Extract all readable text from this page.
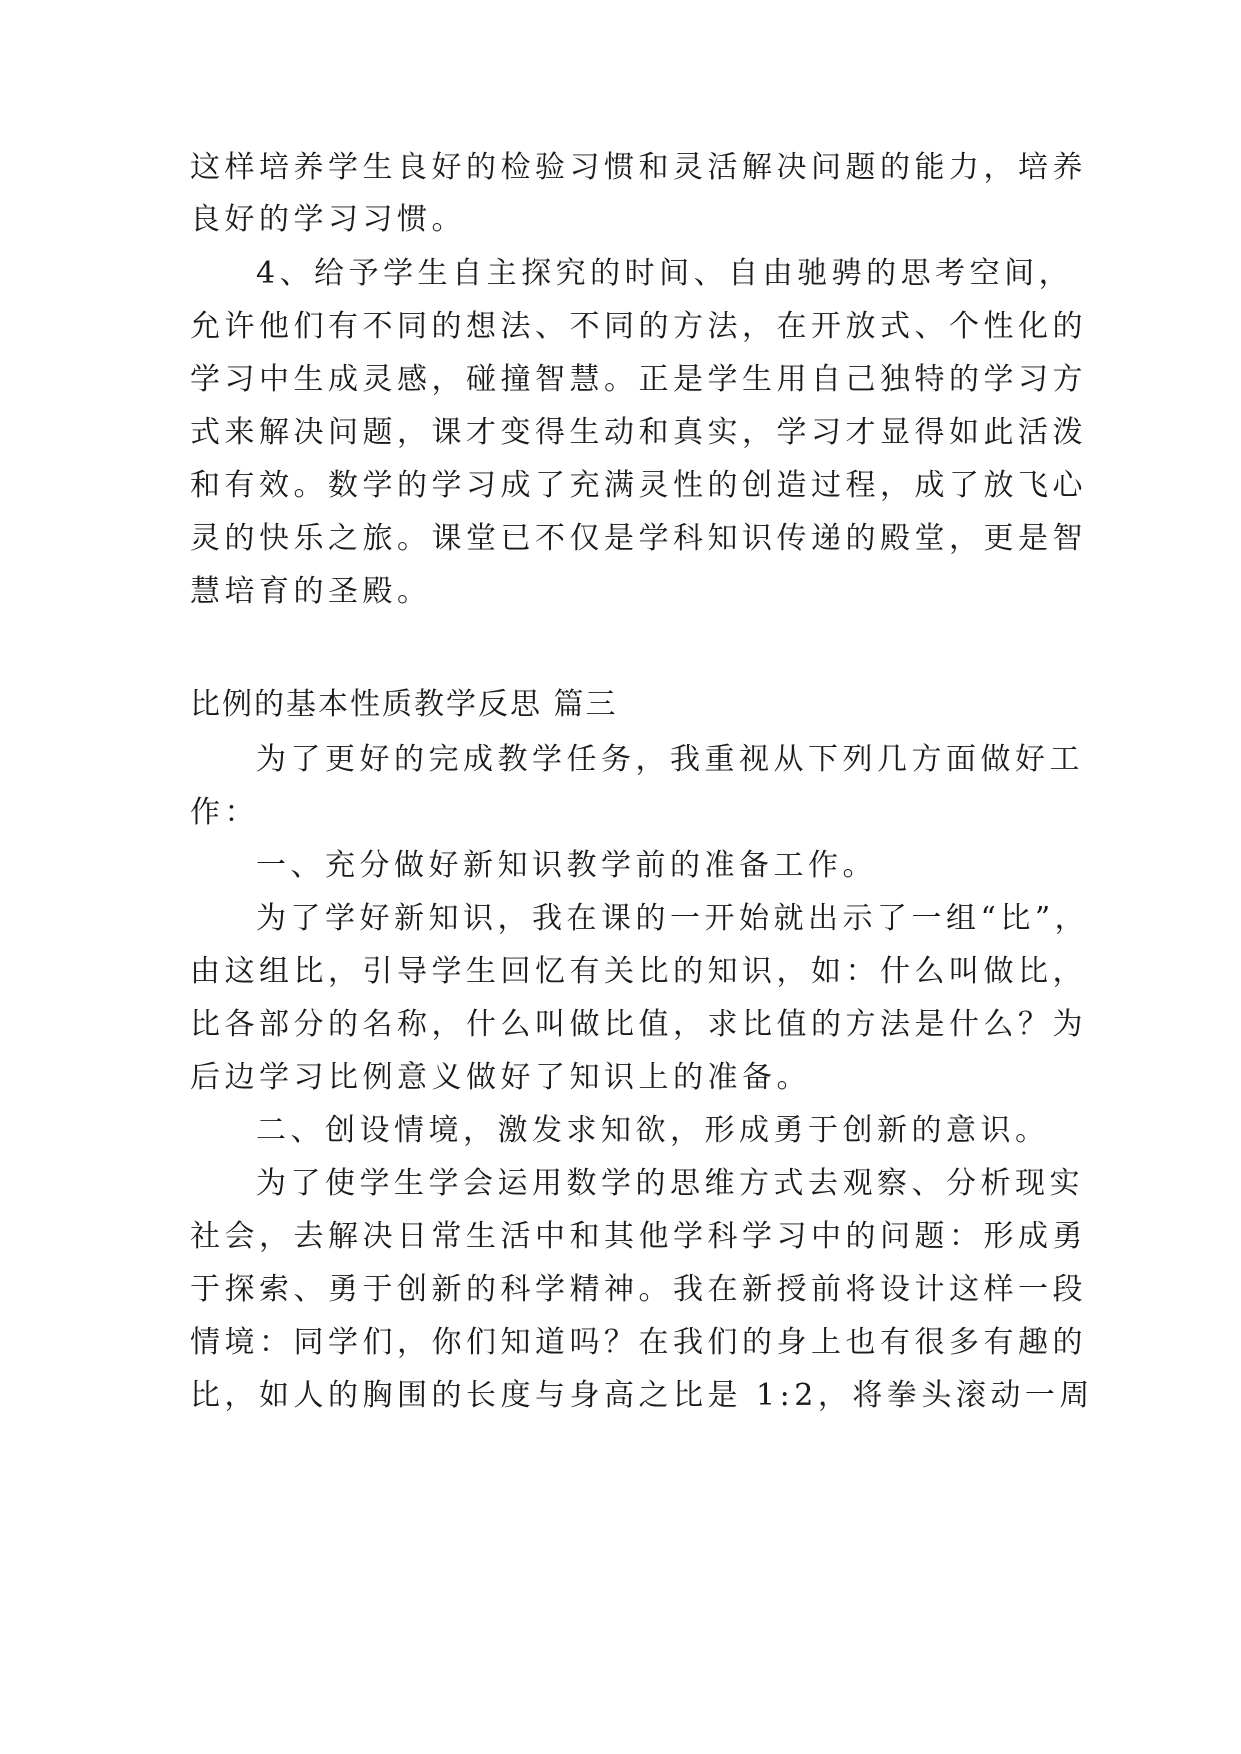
这样培养学生良好的检验习惯和灵活解决问题的能力，培养
良好的学习习惯。
4、给予学生自主探究的时间、自由驰骋的思考空间，
允许他们有不同的想法、不同的方法，在开放式、个性化的
学习中生成灵感，碰撞智慧。正是学生用自己独特的学习方
式来解决问题，课才变得生动和真实，学习才显得如此活泼
和有效。数学的学习成了充满灵性的创造过程，成了放飞心
灵的快乐之旅。课堂已不仅是学科知识传递的殿堂，更是智
慧培育的圣殿。
比例的基本性质教学反思 篇三
为了更好的完成教学任务，我重视从下列几方面做好工
作：
一、充分做好新知识教学前的准备工作。
为了学好新知识，我在课的一开始就出示了一组“比”，
由这组比，引导学生回忆有关比的知识，如：什么叫做比，
比各部分的名称，什么叫做比值，求比值的方法是什么？为
后边学习比例意义做好了知识上的准备。
二、创设情境，激发求知欲，形成勇于创新的意识。
为了使学生学会运用数学的思维方式去观察、分析现实
社会，去解决日常生活中和其他学科学习中的问题：形成勇
于探索、勇于创新的科学精神。我在新授前将设计这样一段
情境：同学们，你们知道吗？在我们的身上也有很多有趣的
比，如人的胸围的长度与身高之比是 1:2，将拳头滚动一周
